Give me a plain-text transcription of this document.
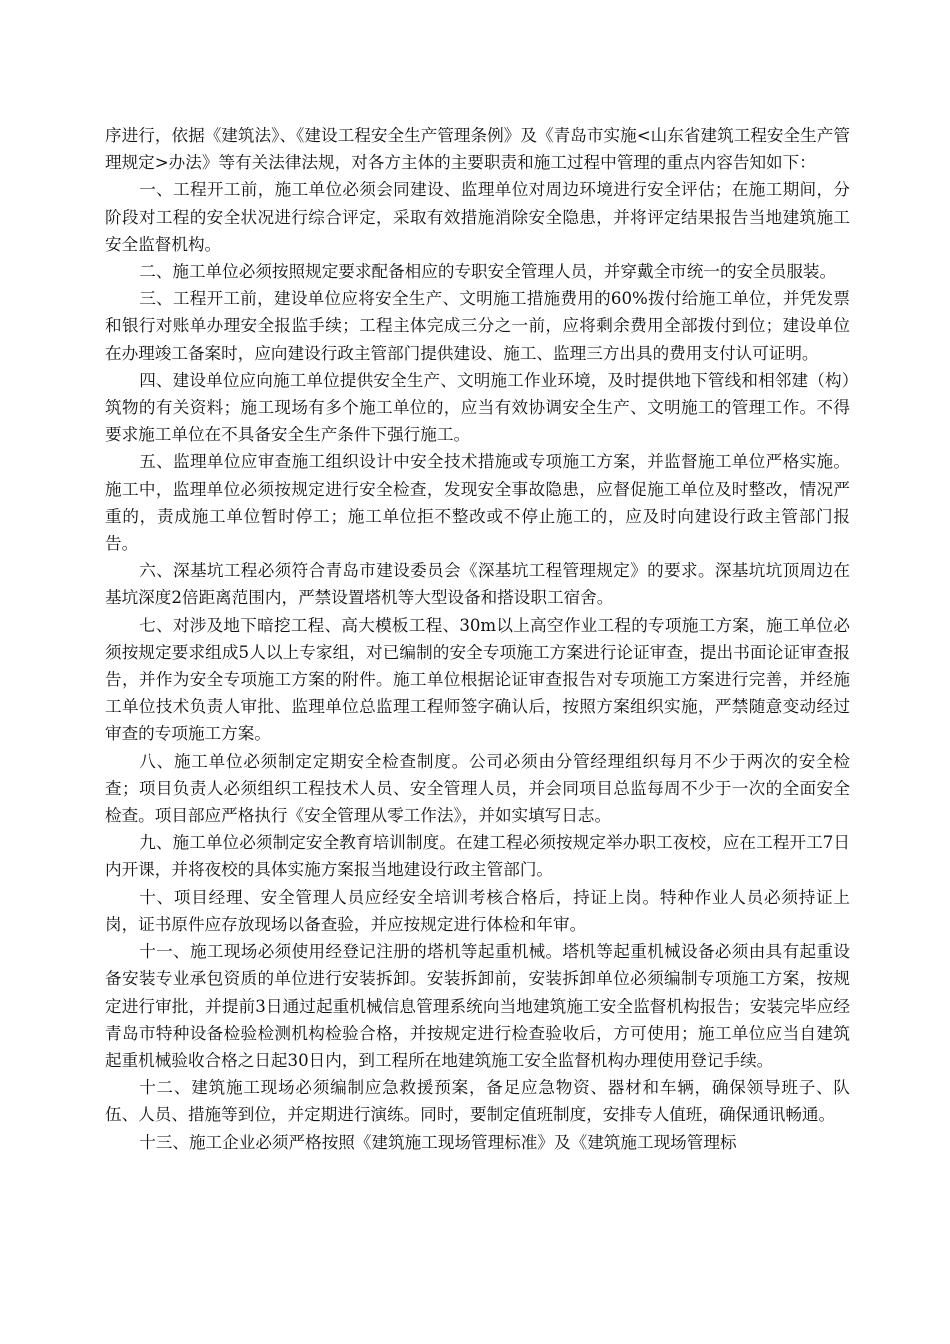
序进行，依据《建筑法》、《建设工程安全生产管理条例》及《青岛市实施<山东省建筑工程安全生产管理规定>办法》等有关法律法规，对各方主体的主要职责和施工过程中管理的重点内容告知如下：

一、工程开工前，施工单位必须会同建设、监理单位对周边环境进行安全评估；在施工期间，分阶段对工程的安全状况进行综合评定，采取有效措施消除安全隐患，并将评定结果报告当地建筑施工安全监督机构。

二、施工单位必须按照规定要求配备相应的专职安全管理人员，并穿戴全市统一的安全员服装。

三、工程开工前，建设单位应将安全生产、文明施工措施费用的60%拨付给施工单位，并凭发票和银行对账单办理安全报监手续；工程主体完成三分之一前，应将剩余费用全部拨付到位；建设单位在办理竣工备案时，应向建设行政主管部门提供建设、施工、监理三方出具的费用支付认可证明。

四、建设单位应向施工单位提供安全生产、文明施工作业环境，及时提供地下管线和相邻建（构）筑物的有关资料；施工现场有多个施工单位的，应当有效协调安全生产、文明施工的管理工作。不得要求施工单位在不具备安全生产条件下强行施工。

五、监理单位应审查施工组织设计中安全技术措施或专项施工方案，并监督施工单位严格实施。施工中，监理单位必须按规定进行安全检查，发现安全事故隐患，应督促施工单位及时整改，情况严重的，责成施工单位暂时停工；施工单位拒不整改或不停止施工的，应及时向建设行政主管部门报告。

六、深基坑工程必须符合青岛市建设委员会《深基坑工程管理规定》的要求。深基坑坑顶周边在基坑深度2倍距离范围内，严禁设置塔机等大型设备和搭设职工宿舍。

七、对涉及地下暗挖工程、高大模板工程、30m以上高空作业工程的专项施工方案，施工单位必须按规定要求组成5人以上专家组，对已编制的安全专项施工方案进行论证审查，提出书面论证审查报告，并作为安全专项施工方案的附件。施工单位根据论证审查报告对专项施工方案进行完善，并经施工单位技术负责人审批、监理单位总监理工程师签字确认后，按照方案组织实施，严禁随意变动经过审查的专项施工方案。

八、施工单位必须制定定期安全检查制度。公司必须由分管经理组织每月不少于两次的安全检查；项目负责人必须组织工程技术人员、安全管理人员，并会同项目总监每周不少于一次的全面安全检查。项目部应严格执行《安全管理从零工作法》，并如实填写日志。

九、施工单位必须制定安全教育培训制度。在建工程必须按规定举办职工夜校，应在工程开工7日内开课，并将夜校的具体实施方案报当地建设行政主管部门。

十、项目经理、安全管理人员应经安全培训考核合格后，持证上岗。特种作业人员必须持证上岗，证书原件应存放现场以备查验，并应按规定进行体检和年审。

十一、施工现场必须使用经登记注册的塔机等起重机械。塔机等起重机械设备必须由具有起重设备安装专业承包资质的单位进行安装拆卸。安装拆卸前，安装拆卸单位必须编制专项施工方案，按规定进行审批，并提前3日通过起重机械信息管理系统向当地建筑施工安全监督机构报告；安装完毕应经青岛市特种设备检验检测机构检验合格，并按规定进行检查验收后，方可使用；施工单位应当自建筑起重机械验收合格之日起30日内，到工程所在地建筑施工安全监督机构办理使用登记手续。

十二、建筑施工现场必须编制应急救援预案，备足应急物资、器材和车辆，确保领导班子、队伍、人员、措施等到位，并定期进行演练。同时，要制定值班制度，安排专人值班，确保通讯畅通。

十三、施工企业必须严格按照《建筑施工现场管理标准》及《建筑施工现场管理标
